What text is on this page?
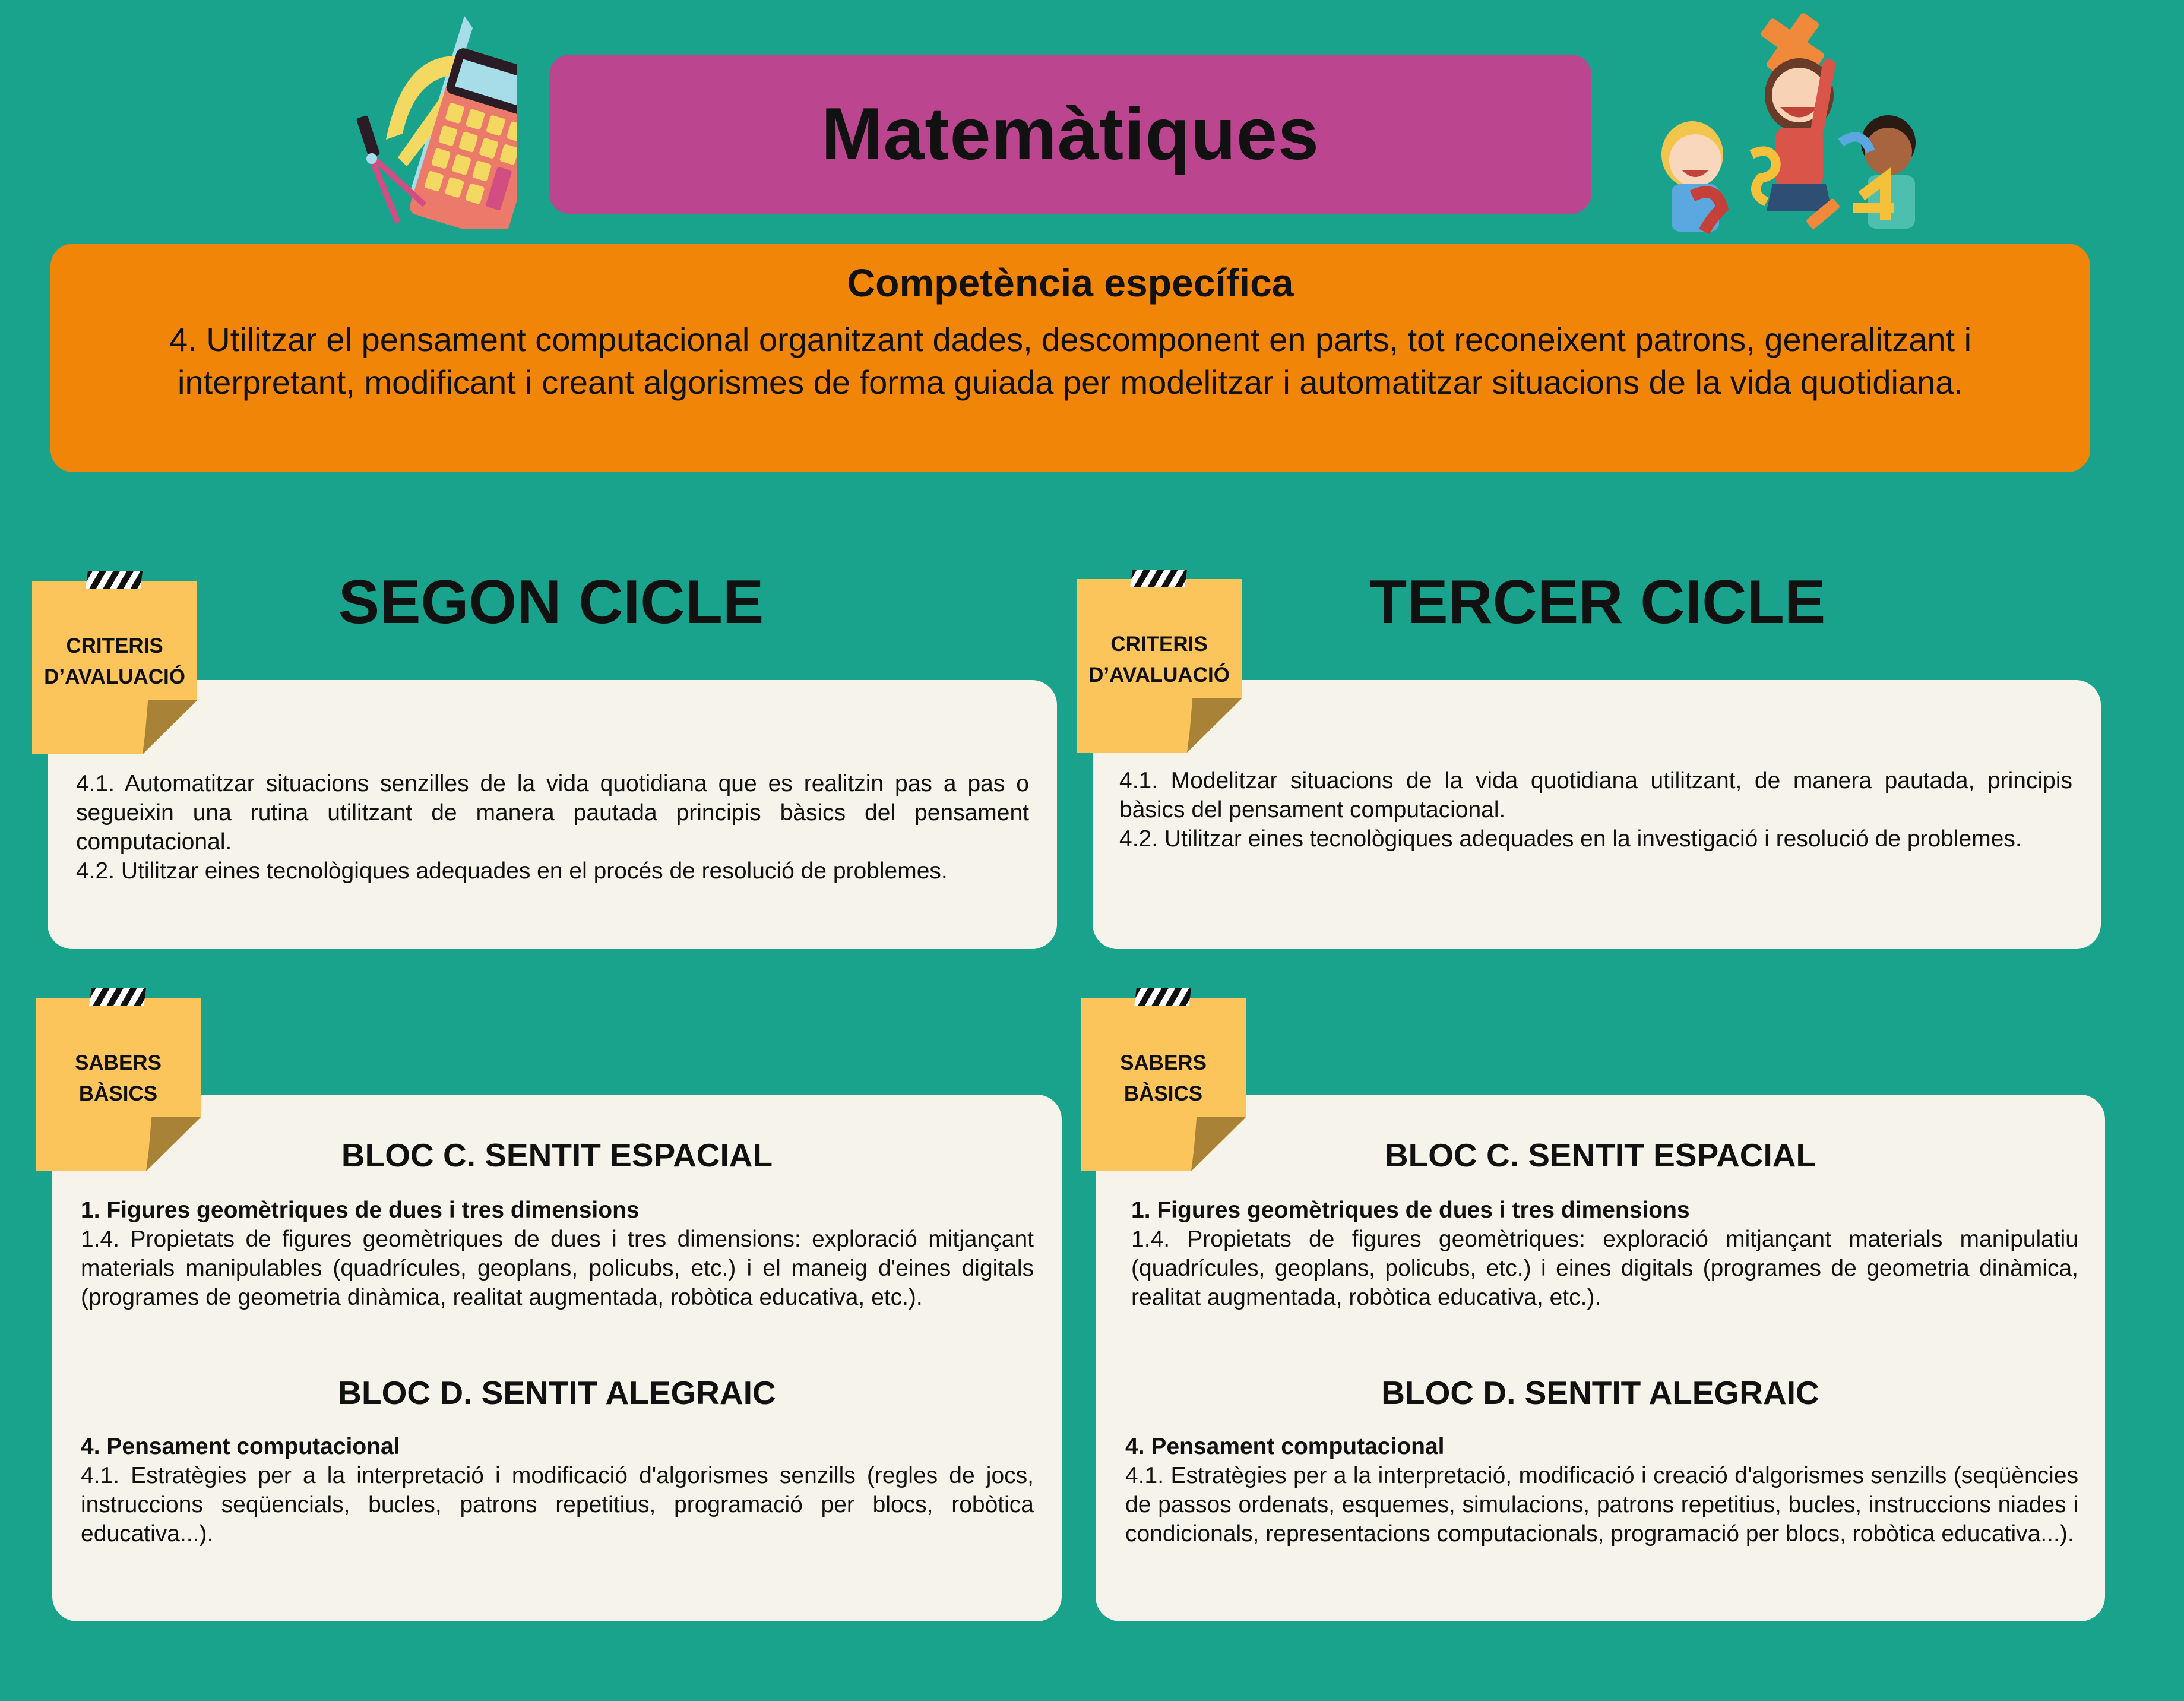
Matemàtiques
Competència específica
4. Utilitzar el pensament computacional organitzant dades, descomponent en parts, tot reconeixent patrons, generalitzant i interpretant, modificant i creant algorismes de forma guiada per modelitzar i automatitzar situacions de la vida quotidiana.
SEGON CICLE
4.1. Automatitzar situacions senzilles de la vida quotidiana que es realitzin pas a pas o segueixin una rutina utilitzant de manera pautada principis bàsics del pensament computacional.
4.2. Utilitzar eines tecnològiques adequades en el procés de resolució de problemes.
CRITERIS
D’AVALUACIÓ
BLOC C. SENTIT ESPACIAL
1. Figures geomètriques de dues i tres dimensions
1.4. Propietats de figures geomètriques de dues i tres dimensions: exploració mitjançant materials manipulables (quadrícules, geoplans, policubs, etc.) i el maneig d'eines digitals (programes de geometria dinàmica, realitat augmentada, robòtica educativa, etc.).
BLOC D. SENTIT ALEGRAIC
4. Pensament computacional
4.1. Estratègies per a la interpretació i modificació d'algorismes senzills (regles de jocs, instruccions seqüencials, bucles, patrons repetitius, programació per blocs, robòtica educativa...).
SABERS
BÀSICS
TERCER CICLE
4.1. Modelitzar situacions de la vida quotidiana utilitzant, de manera pautada, principis bàsics del pensament computacional.
4.2. Utilitzar eines tecnològiques adequades en la investigació i resolució de problemes.
CRITERIS
D’AVALUACIÓ
BLOC C. SENTIT ESPACIAL
1. Figures geomètriques de dues i tres dimensions
1.4. Propietats de figures geomètriques: exploració mitjançant materials manipulatiu (quadrícules, geoplans, policubs, etc.) i eines digitals (programes de geometria dinàmica, realitat augmentada, robòtica educativa, etc.).
BLOC D. SENTIT ALEGRAIC
4. Pensament computacional
4.1. Estratègies per a la interpretació, modificació i creació d'algorismes senzills (seqüències de passos ordenats, esquemes, simulacions, patrons repetitius, bucles, instruccions niades i condicionals, representacions computacionals, programació per blocs, robòtica educativa...).
SABERS
BÀSICS
